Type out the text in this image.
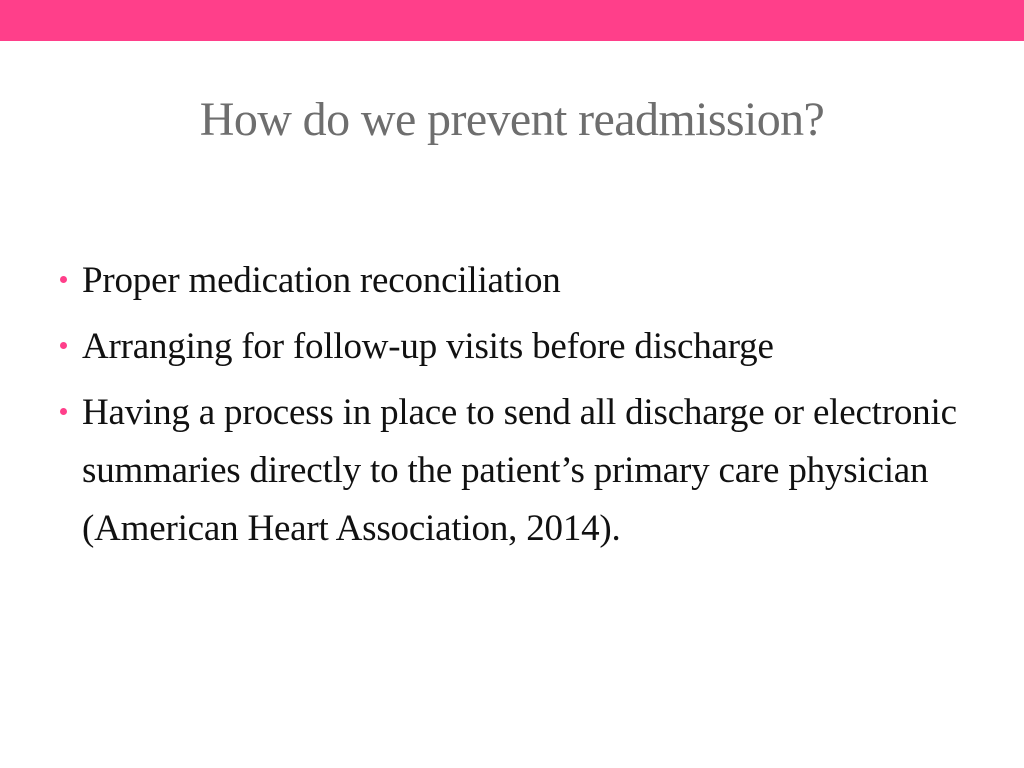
How do we prevent readmission?
Proper medication reconciliation
Arranging for follow-up visits before discharge
Having a process in place to send all discharge or electronic summaries directly to the patient’s primary care physician (American Heart Association, 2014).
